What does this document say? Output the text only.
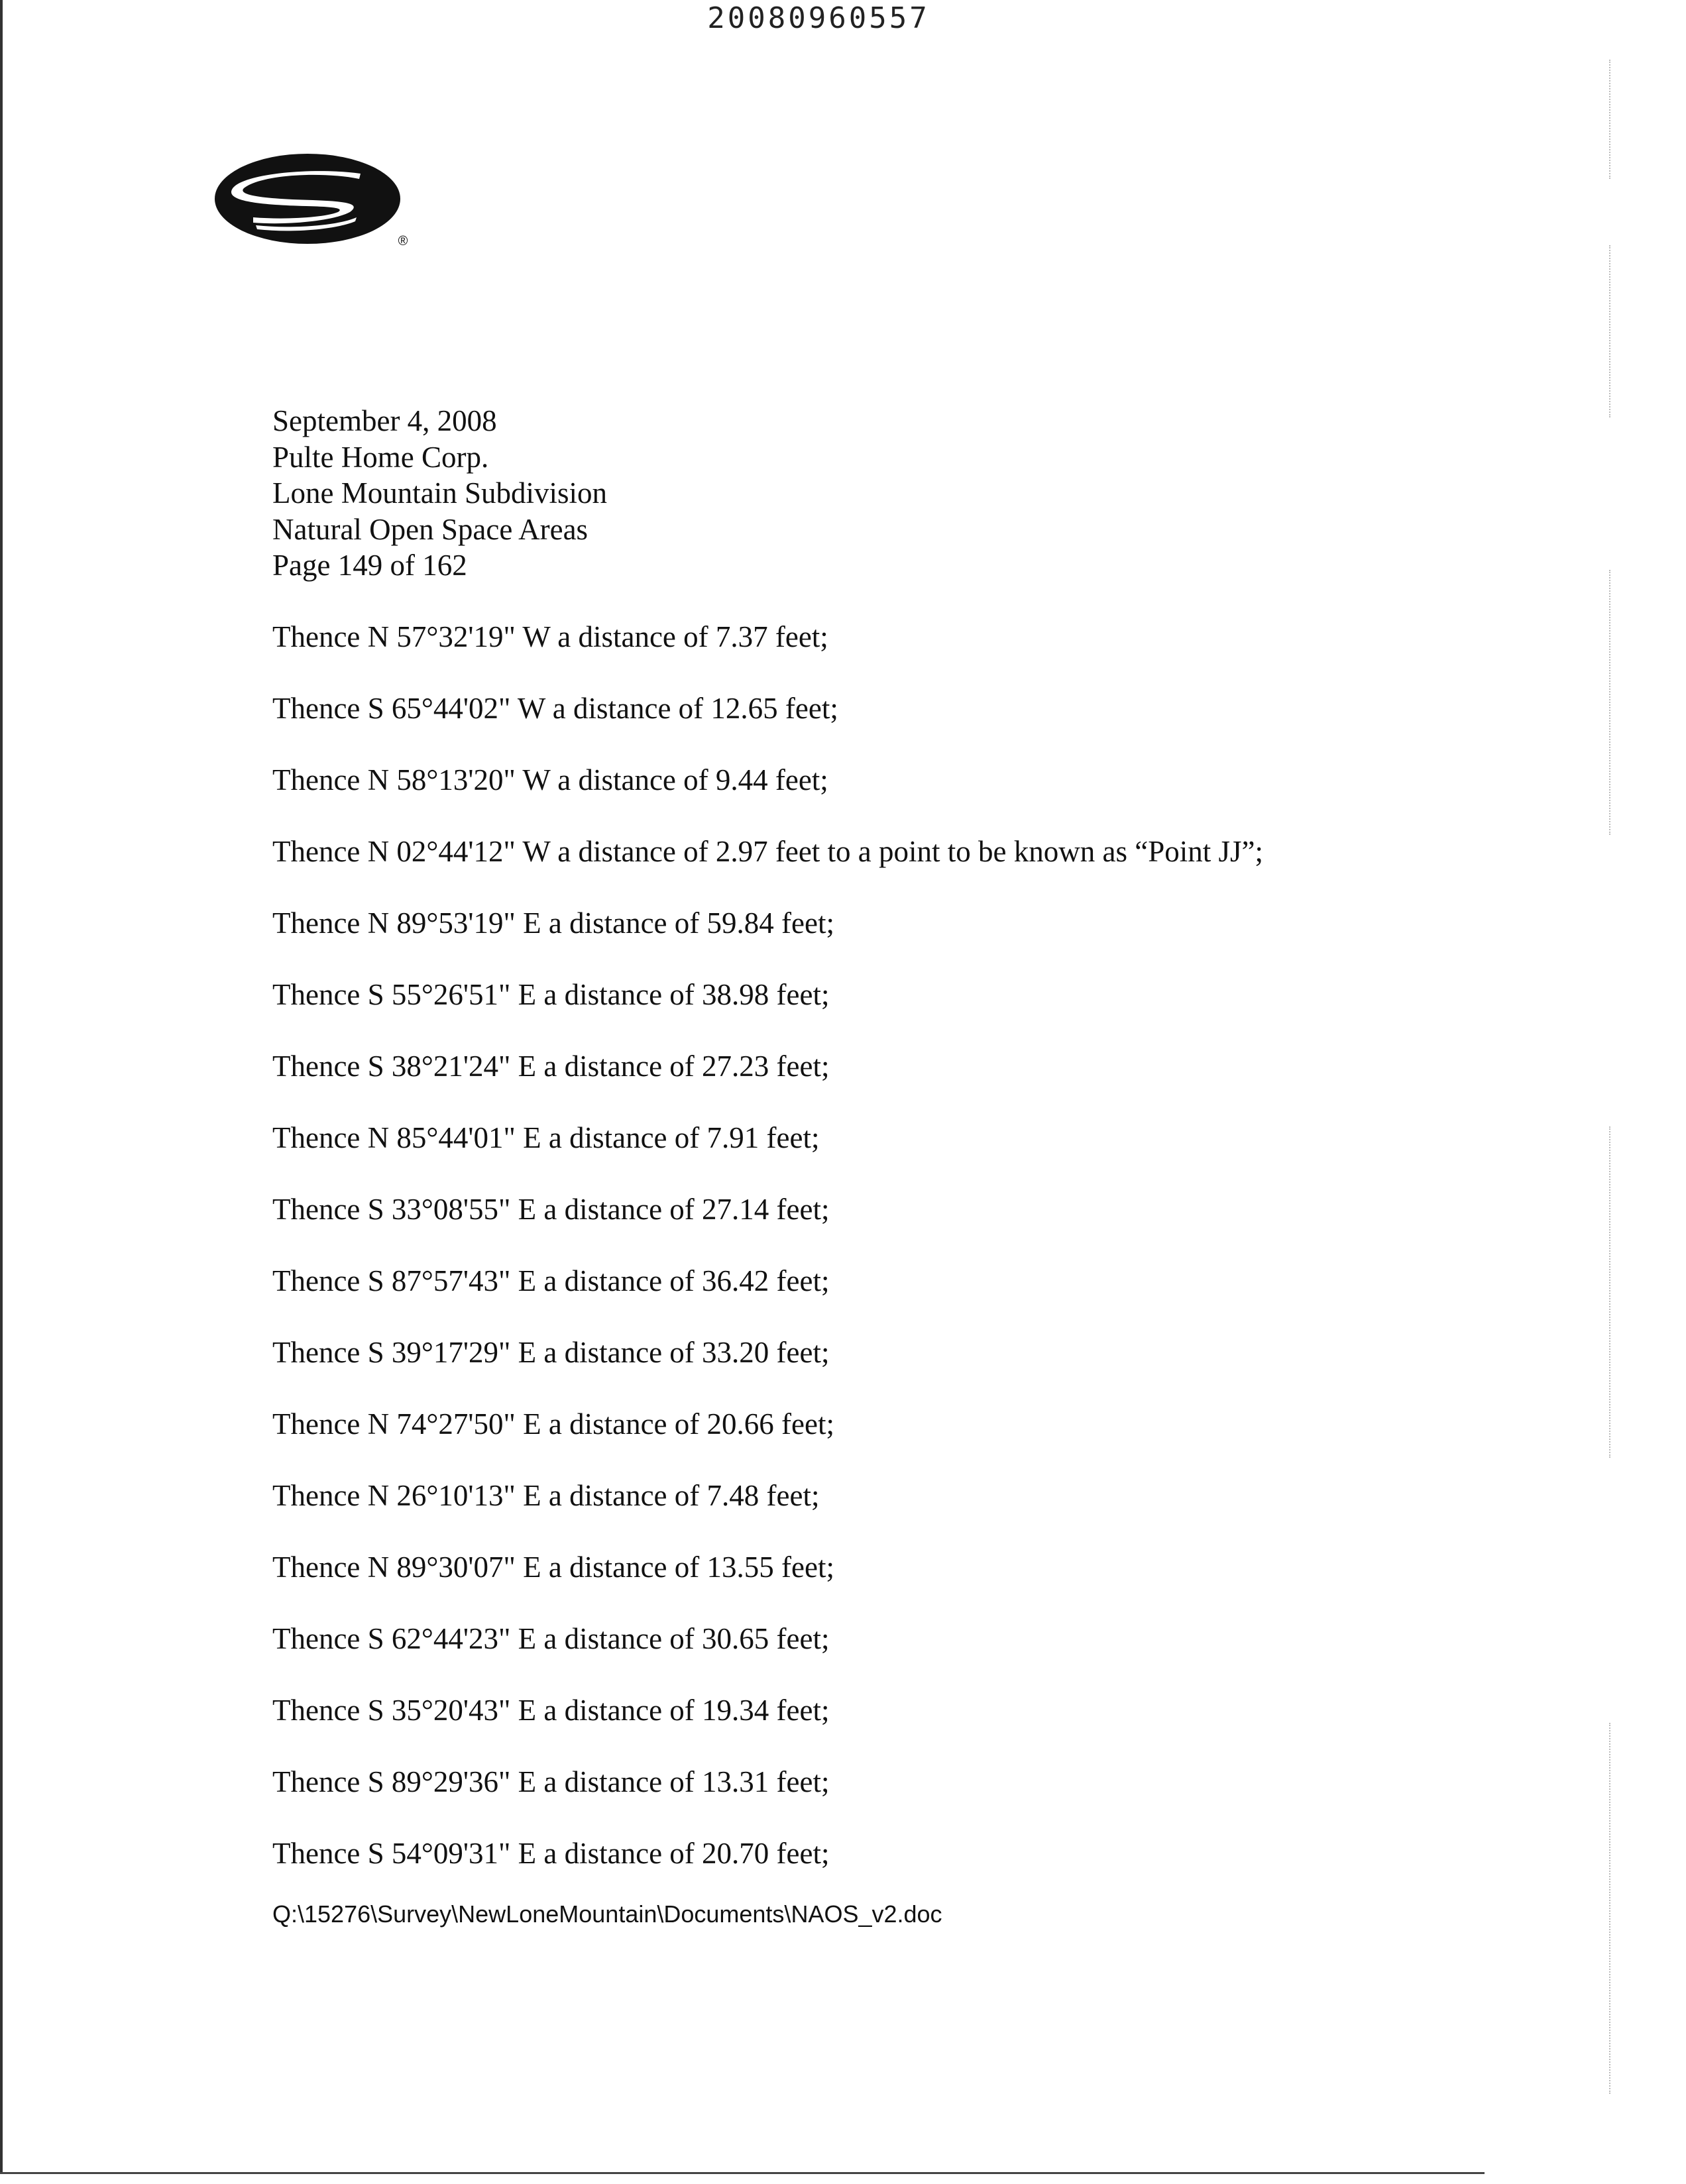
20080960557
®
September 4, 2008
Pulte Home Corp.
Lone Mountain Subdivision
Natural Open Space Areas
Page 149 of 162
Thence N 57°32'19" W a distance of 7.37 feet;
Thence S 65°44'02" W a distance of 12.65 feet;
Thence N 58°13'20" W a distance of 9.44 feet;
Thence N 02°44'12" W a distance of 2.97 feet to a point to be known as “Point JJ”;
Thence N 89°53'19" E a distance of 59.84 feet;
Thence S 55°26'51" E a distance of 38.98 feet;
Thence S 38°21'24" E a distance of 27.23 feet;
Thence N 85°44'01" E a distance of 7.91 feet;
Thence S 33°08'55" E a distance of 27.14 feet;
Thence S 87°57'43" E a distance of 36.42 feet;
Thence S 39°17'29" E a distance of 33.20 feet;
Thence N 74°27'50" E a distance of 20.66 feet;
Thence N 26°10'13" E a distance of 7.48 feet;
Thence N 89°30'07" E a distance of 13.55 feet;
Thence S 62°44'23" E a distance of 30.65 feet;
Thence S 35°20'43" E a distance of 19.34 feet;
Thence S 89°29'36" E a distance of 13.31 feet;
Thence S 54°09'31" E a distance of 20.70 feet;
Q:\15276\Survey\NewLoneMountain\Documents\NAOS_v2.doc
